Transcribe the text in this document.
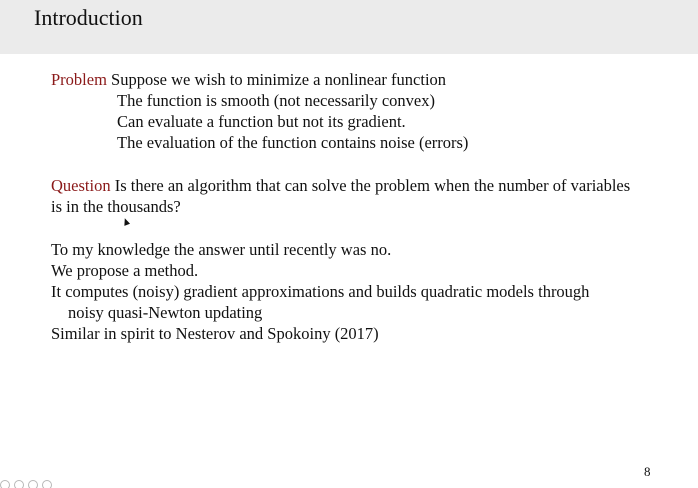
Introduction
Problem Suppose we wish to minimize a nonlinear function
The function is smooth (not necessarily convex)
Can evaluate a function but not its gradient.
The evaluation of the function contains noise (errors)
Question Is there an algorithm that can solve the problem when the number of variables
is in the thousands?
To my knowledge the answer until recently was no.
We propose a method.
It computes (noisy) gradient approximations and builds quadratic models through
noisy quasi-Newton updating
Similar in spirit to Nesterov and Spokoiny (2017)
8
